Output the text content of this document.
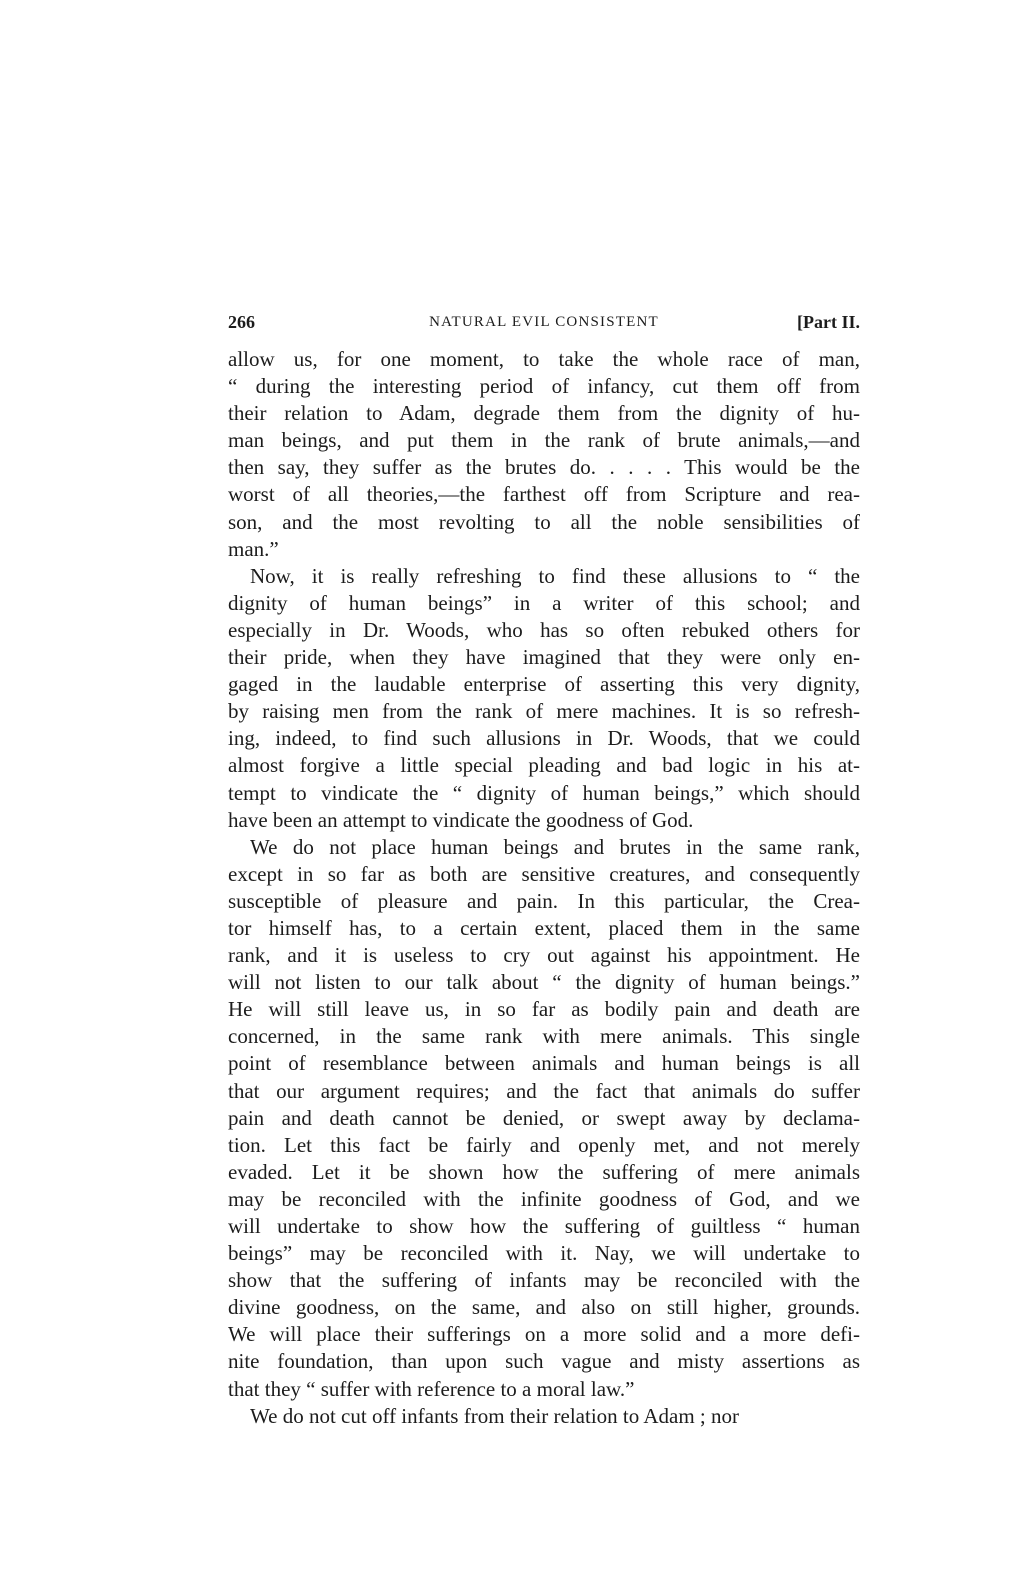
266	NATURAL EVIL CONSISTENT	[Part II.
allow us, for one moment, to take the whole race of man,
“ during the interesting period of infancy, cut them off from
their relation to Adam, degrade them from the dignity of hu-
man beings, and put them in the rank of brute animals,—and
then say, they suffer as the brutes do. . . . . This would be the
worst of all theories,—the farthest off from Scripture and rea-
son, and the most revolting to all the noble sensibilities of
man.”
Now, it is really refreshing to find these allusions to “ the
dignity of human beings” in a writer of this school; and
especially in Dr. Woods, who has so often rebuked others for
their pride, when they have imagined that they were only en-
gaged in the laudable enterprise of asserting this very dignity,
by raising men from the rank of mere machines. It is so refresh-
ing, indeed, to find such allusions in Dr. Woods, that we could
almost forgive a little special pleading and bad logic in his at-
tempt to vindicate the “ dignity of human beings,” which should
have been an attempt to vindicate the goodness of God.
We do not place human beings and brutes in the same rank,
except in so far as both are sensitive creatures, and consequently
susceptible of pleasure and pain. In this particular, the Crea-
tor himself has, to a certain extent, placed them in the same
rank, and it is useless to cry out against his appointment. He
will not listen to our talk about “ the dignity of human beings.”
He will still leave us, in so far as bodily pain and death are
concerned, in the same rank with mere animals. This single
point of resemblance between animals and human beings is all
that our argument requires; and the fact that animals do suffer
pain and death cannot be denied, or swept away by declama-
tion. Let this fact be fairly and openly met, and not merely
evaded. Let it be shown how the suffering of mere animals
may be reconciled with the infinite goodness of God, and we
will undertake to show how the suffering of guiltless “ human
beings” may be reconciled with it. Nay, we will undertake to
show that the suffering of infants may be reconciled with the
divine goodness, on the same, and also on still higher, grounds.
We will place their sufferings on a more solid and a more defi-
nite foundation, than upon such vague and misty assertions as
that they “ suffer with reference to a moral law.”
We do not cut off infants from their relation to Adam ; nor
